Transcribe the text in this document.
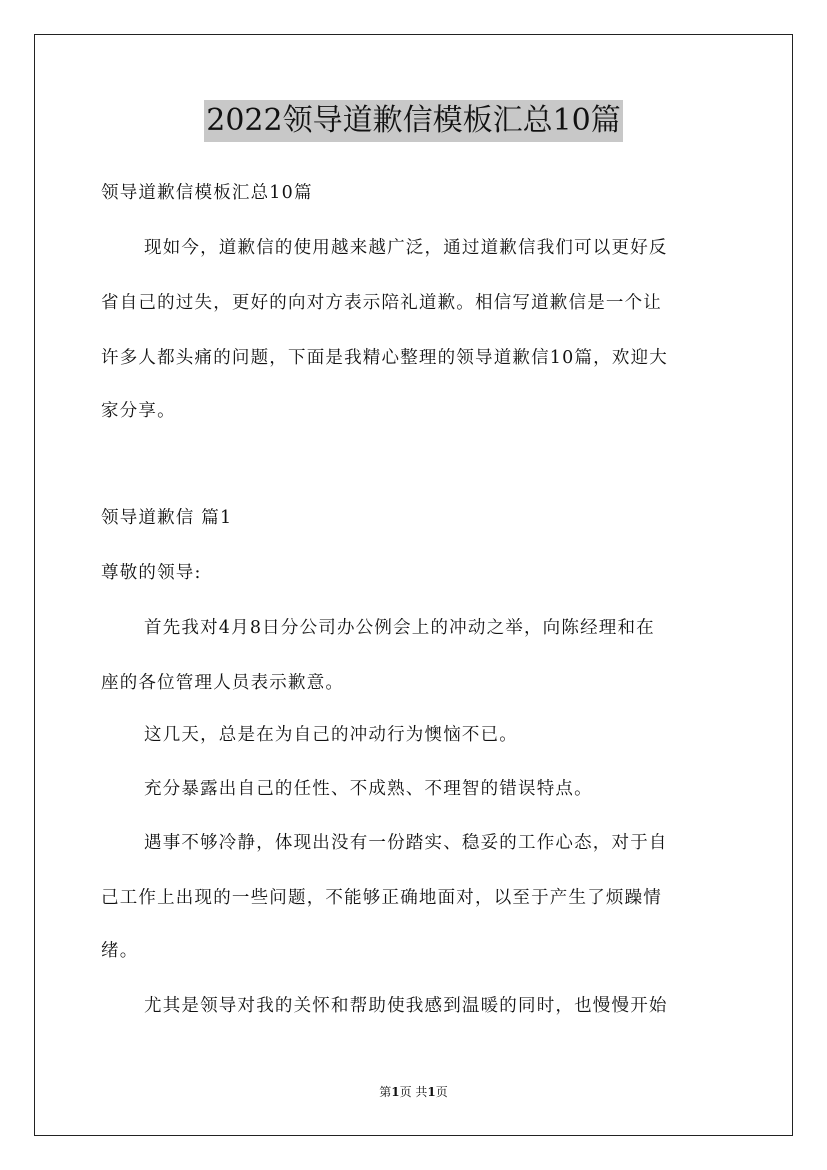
2022领导道歉信模板汇总10篇
领导道歉信模板汇总10篇
现如今，道歉信的使用越来越广泛，通过道歉信我们可以更好反
省自己的过失，更好的向对方表示陪礼道歉。相信写道歉信是一个让
许多人都头痛的问题，下面是我精心整理的领导道歉信10篇，欢迎大
家分享。
领导道歉信 篇1
尊敬的领导:
首先我对4月8日分公司办公例会上的冲动之举，向陈经理和在
座的各位管理人员表示歉意。
这几天，总是在为自己的冲动行为懊恼不已。
充分暴露出自己的任性、不成熟、不理智的错误特点。
遇事不够冷静，体现出没有一份踏实、稳妥的工作心态，对于自
己工作上出现的一些问题，不能够正确地面对，以至于产生了烦躁情
绪。
尤其是领导对我的关怀和帮助使我感到温暖的同时，也慢慢开始
第1页 共1页
